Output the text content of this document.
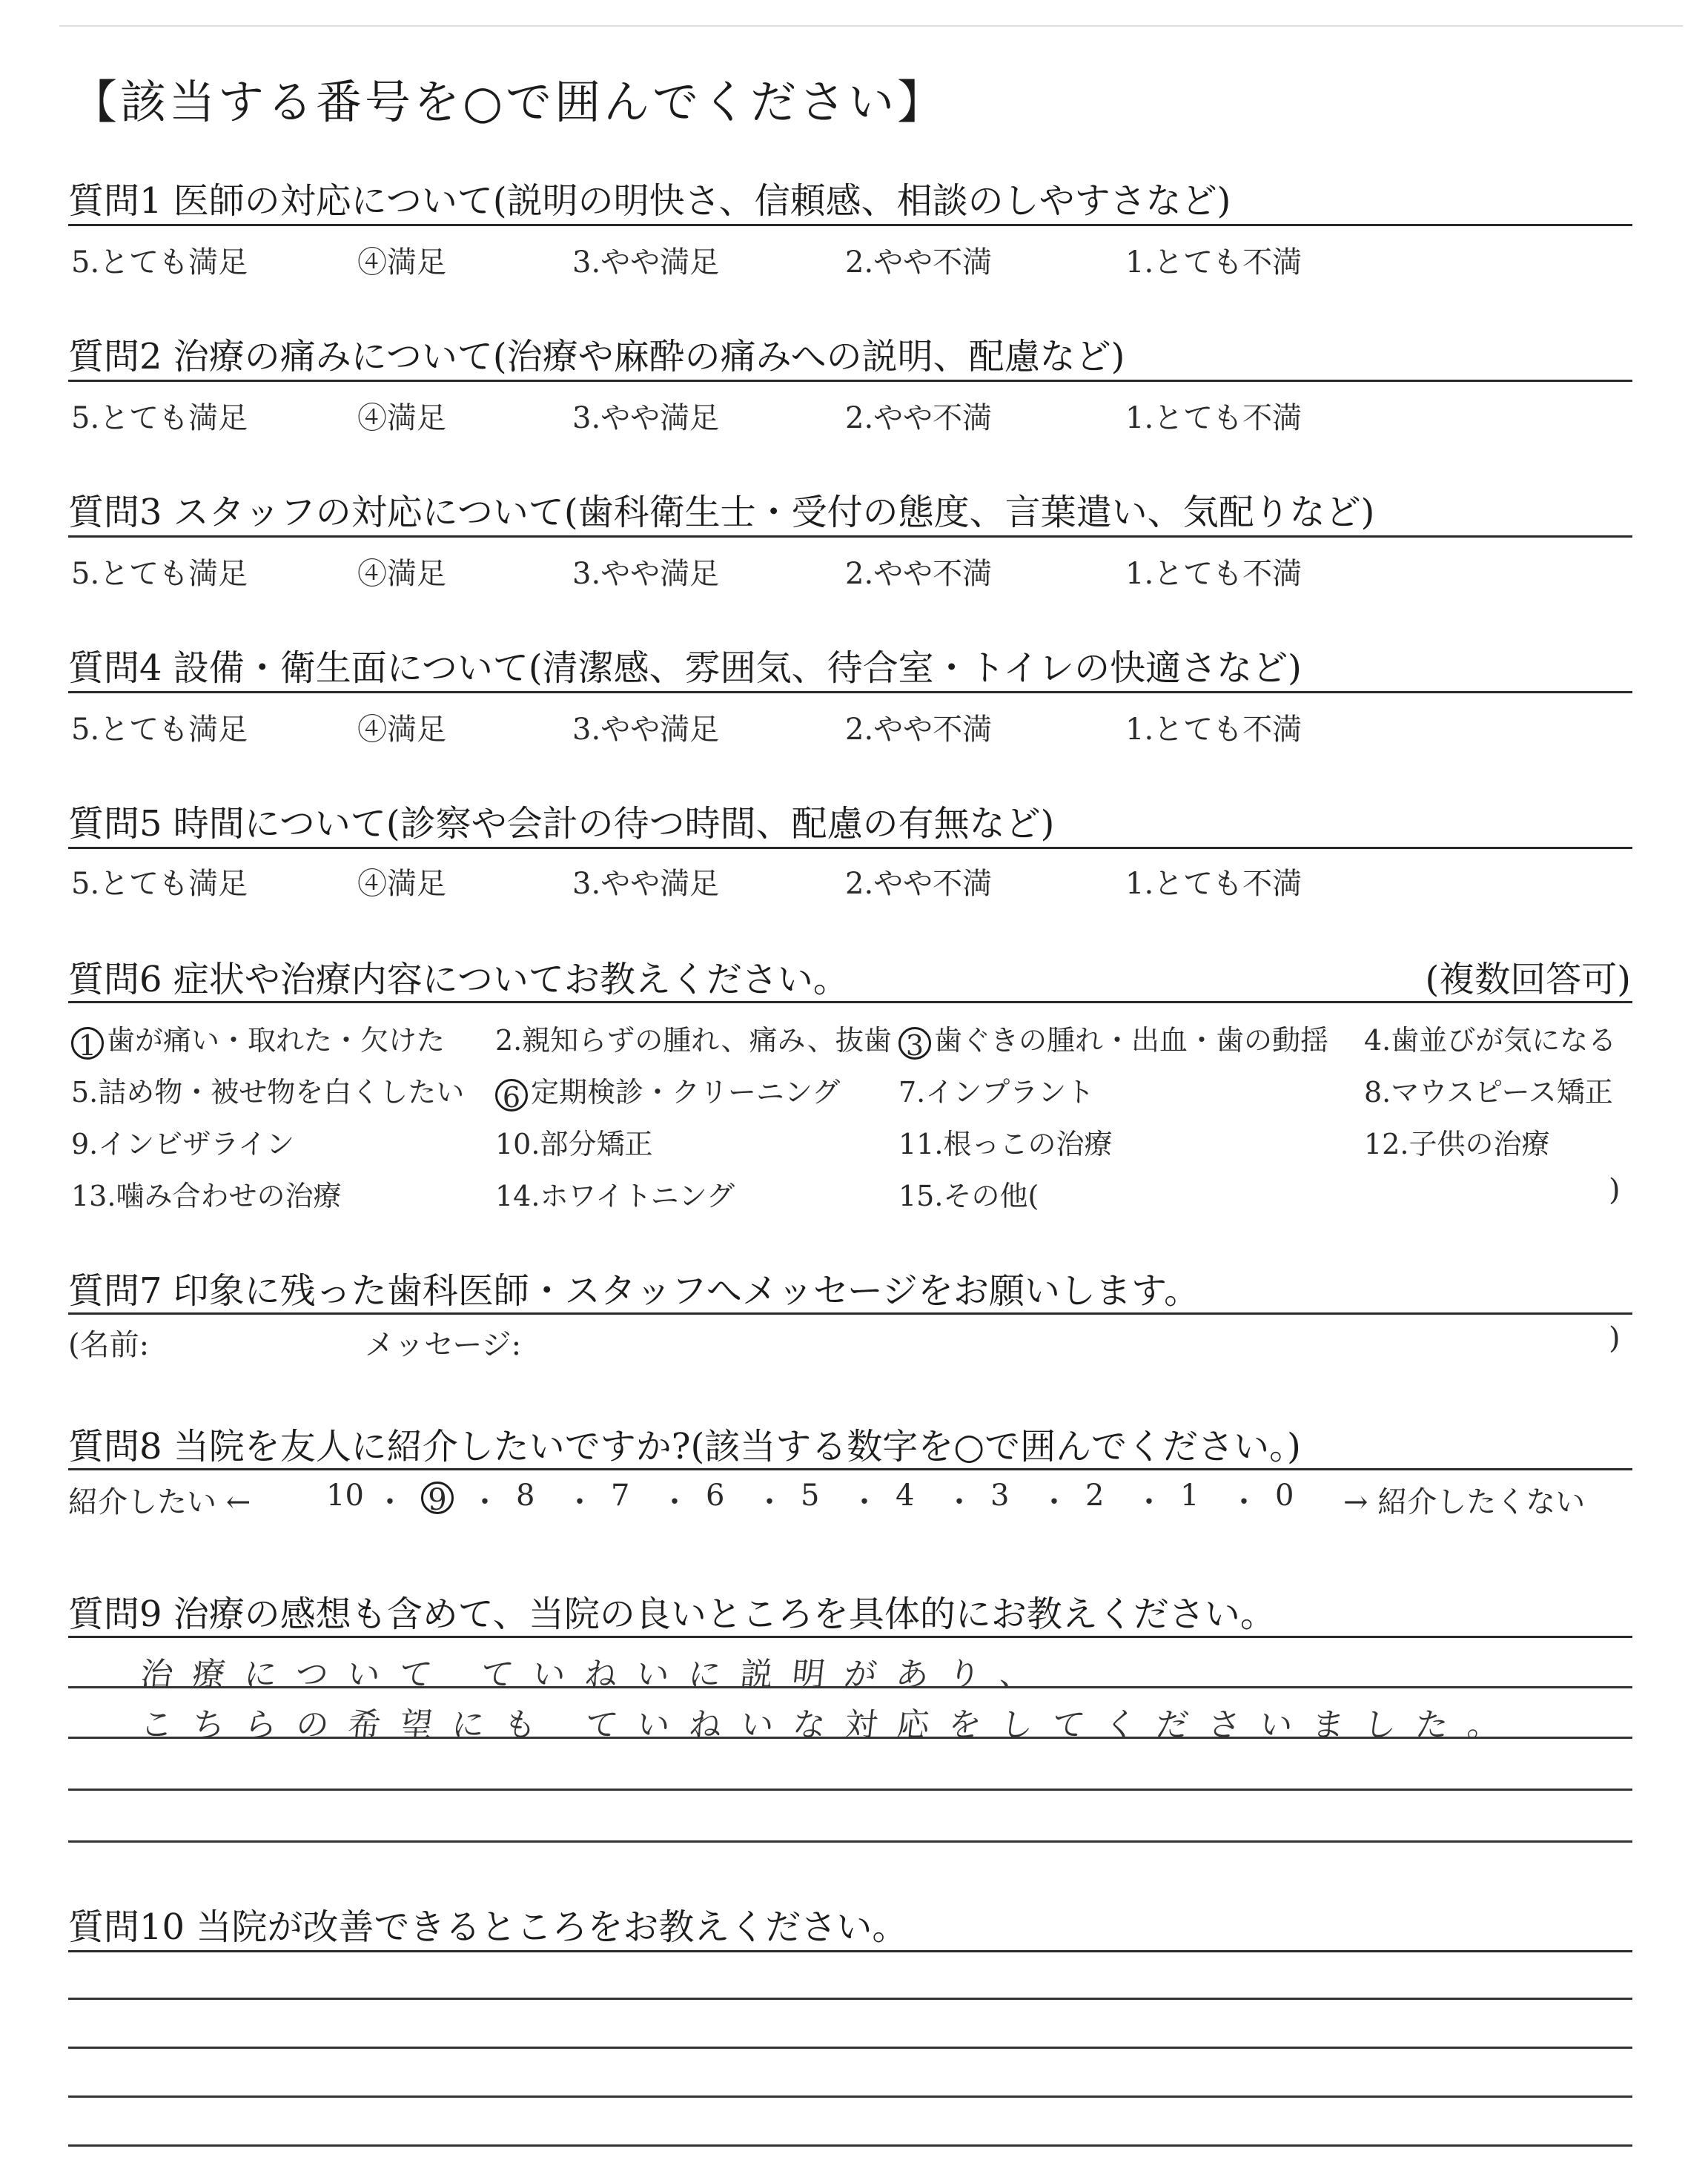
【該当する番号を○で囲んでください】
質問1 医師の対応について(説明の明快さ、信頼感、相談のしやすさなど)
5.とても満足	④満足	3.やや満足	2.やや不満	1.とても不満
質問2 治療の痛みについて(治療や麻酔の痛みへの説明、配慮など)
5.とても満足	④満足	3.やや満足	2.やや不満	1.とても不満
質問3 スタッフの対応について(歯科衛生士・受付の態度、言葉遣い、気配りなど)
5.とても満足	④満足	3.やや満足	2.やや不満	1.とても不満
質問4 設備・衛生面について(清潔感、雰囲気、待合室・トイレの快適さなど)
5.とても満足	④満足	3.やや満足	2.やや不満	1.とても不満
質問5 時間について(診察や会計の待つ時間、配慮の有無など)
5.とても満足	④満足	3.やや満足	2.やや不満	1.とても不満
質問6 症状や治療内容についてお教えください。	(複数回答可)
1 歯が痛い・取れた・欠けた 2.親知らずの腫れ、痛み、抜歯 3 歯ぐきの腫れ・出血・歯の動揺 4.歯並びが気になる
5.詰め物・被せ物を白くしたい 6 定期検診・クリーニング 7.インプラント	8.マウスピース矯正
9.インビザライン	10.部分矯正	11.根っこの治療	12.子供の治療
13.噛み合わせの治療	14.ホワイトニング	15.その他(	)
質問7 印象に残った歯科医師・スタッフへメッセージをお願いします。
(名前:	メッセージ:	)
質問8 当院を友人に紹介したいですか?(該当する数字を○で囲んでください。)
紹介したい ←	10 ・ 9 ・ 8 ・ 7 ・ 6 ・ 5 ・ 4 ・ 3 ・ 2 ・ 1 ・ 0 → 紹介したくない
質問9 治療の感想も含めて、当院の良いところを具体的にお教えください。
治療について ていねいに説明があり、
こちらの希望にも ていねいな対応をしてくださいました。
質問10 当院が改善できるところをお教えください。
